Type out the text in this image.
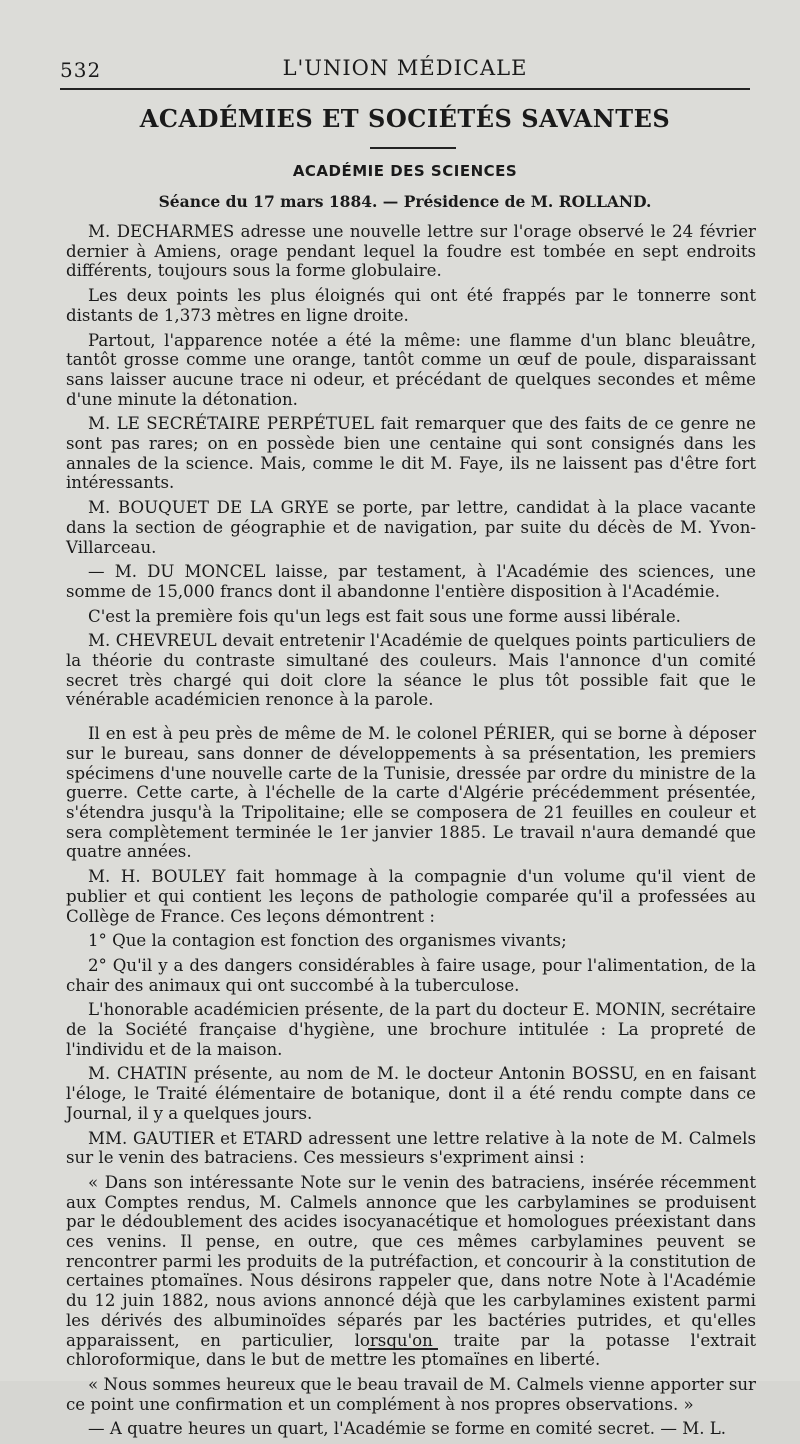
532	L'UNION MÉDICALE
ACADÉMIES ET SOCIÉTÉS SAVANTES
ACADÉMIE DES SCIENCES
Séance du 17 mars 1884. — Présidence de M. ROLLAND.

M. DECHARMES adresse une nouvelle lettre sur l'orage observé le 24 février dernier à Amiens, orage pendant lequel la foudre est tombée en sept endroits différents, toujours sous la forme globulaire.

Les deux points les plus éloignés qui ont été frappés par le tonnerre sont distants de 1,373 mètres en ligne droite.

Partout, l'apparence notée a été la même: une flamme d'un blanc bleuâtre, tantôt grosse comme une orange, tantôt comme un œuf de poule, disparaissant sans laisser aucune trace ni odeur, et précédant de quelques secondes et même d'une minute la détonation.

M. LE SECRÉTAIRE PERPÉTUEL fait remarquer que des faits de ce genre ne sont pas rares; on en possède bien une centaine qui sont consignés dans les annales de la science. Mais, comme le dit M. Faye, ils ne laissent pas d'être fort intéressants.

M. BOUQUET DE LA GRYE se porte, par lettre, candidat à la place vacante dans la section de géographie et de navigation, par suite du décès de M. Yvon-Villarceau.

— M. DU MONCEL laisse, par testament, à l'Académie des sciences, une somme de 15,000 francs dont il abandonne l'entière disposition à l'Académie.

C'est la première fois qu'un legs est fait sous une forme aussi libérale.

M. CHEVREUL devait entretenir l'Académie de quelques points particuliers de la théorie du contraste simultané des couleurs. Mais l'annonce d'un comité secret très chargé qui doit clore la séance le plus tôt possible fait que le vénérable académicien renonce à la parole.

Il en est à peu près de même de M. le colonel PÉRIER, qui se borne à déposer sur le bureau, sans donner de développements à sa présentation, les premiers spécimens d'une nouvelle carte de la Tunisie, dressée par ordre du ministre de la guerre. Cette carte, à l'échelle de la carte d'Algérie précédemment présentée, s'étendra jusqu'à la Tripolitaine; elle se composera de 21 feuilles en couleur et sera complètement terminée le 1er janvier 1885. Le travail n'aura demandé que quatre années.

M. H. BOULEY fait hommage à la compagnie d'un volume qu'il vient de publier et qui contient les leçons de pathologie comparée qu'il a professées au Collège de France. Ces leçons démontrent :

1° Que la contagion est fonction des organismes vivants;

2° Qu'il y a des dangers considérables à faire usage, pour l'alimentation, de la chair des animaux qui ont succombé à la tuberculose.

L'honorable académicien présente, de la part du docteur E. MONIN, secrétaire de la Société française d'hygiène, une brochure intitulée : La propreté de l'individu et de la maison.

M. CHATIN présente, au nom de M. le docteur Antonin BOSSU, en en faisant l'éloge, le Traité élémentaire de botanique, dont il a été rendu compte dans ce Journal, il y a quelques jours.

MM. GAUTIER et ETARD adressent une lettre relative à la note de M. Calmels sur le venin des batraciens. Ces messieurs s'expriment ainsi :

« Dans son intéressante Note sur le venin des batraciens, insérée récemment aux Comptes rendus, M. Calmels annonce que les carbylamines se produisent par le dédoublement des acides isocyanacétique et homologues préexistant dans ces venins. Il pense, en outre, que ces mêmes carbylamines peuvent se rencontrer parmi les produits de la putréfaction, et concourir à la constitution de certaines ptomaïnes. Nous désirons rappeler que, dans notre Note à l'Académie du 12 juin 1882, nous avions annoncé déjà que les carbylamines existent parmi les dérivés des albuminoïdes séparés par les bactéries putrides, et qu'elles apparaissent, en particulier, lorsqu'on traite par la potasse l'extrait chloroformique, dans le but de mettre les ptomaïnes en liberté.

« Nous sommes heureux que le beau travail de M. Calmels vienne apporter sur ce point une confirmation et un complément à nos propres observations. »

— A quatre heures un quart, l'Académie se forme en comité secret. — M. L.
